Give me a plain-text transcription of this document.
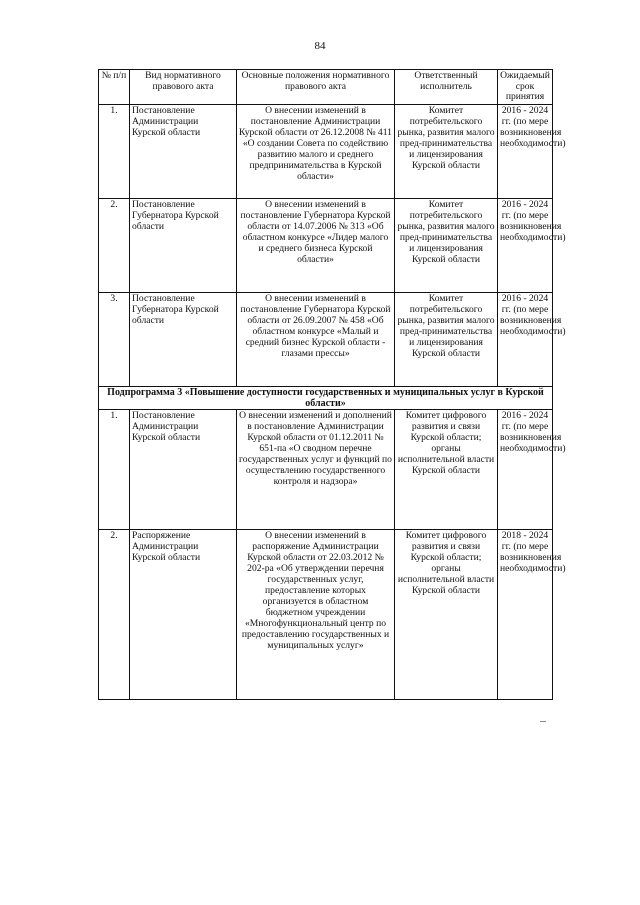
84
№ п/п	Вид нормативного правового акта	Основные положения нормативного правового акта	Ответственный исполнитель	Ожидаемый срок принятия
1.	Постановление Администрации Курской области	О внесении изменений в постановление Администрации Курской области от 26.12.2008 № 411 «О создании Совета по содействию развитию малого и среднего предпринимательства в Курской области»	Комитет потребительского рынка, развития малого пред-принимательства и лицензирования Курской области	2016 - 2024 гг. (по мере возникновения необходимости)
2.	Постановление Губернатора Курской области	О внесении изменений в постановление Губернатора Курской области от 14.07.2006 № 313 «Об областном конкурсе «Лидер малого и среднего бизнеса Курской области»	Комитет потребительского рынка, развития малого пред-принимательства и лицензирования Курской области	2016 - 2024 гг. (по мере возникновения необходимости)
3.	Постановление Губернатора Курской области	О внесении изменений в постановление Губернатора Курской области от 26.09.2007 № 458 «Об областном конкурсе «Малый и средний бизнес Курской области - глазами прессы»	Комитет потребительского рынка, развития малого пред-принимательства и лицензирования Курской области	2016 - 2024 гг. (по мере возникновения необходимости)
Подпрограмма 3 «Повышение доступности государственных и муниципальных услуг в Курской области»				
1.	Постановление Администрации Курской области	О внесении изменений и дополнений в постановление Администрации Курской области от 01.12.2011 № 651-па «О сводном перечне государственных услуг и функций по осуществлению государственного контроля и надзора»	Комитет цифрового развития и связи Курской области; органы исполнительной власти Курской области	2016 - 2024 гг. (по мере возникновения необходимости)
2.	Распоряжение Администрации Курской области	О внесении изменений в распоряжение Администрации Курской области от 22.03.2012 № 202-ра «Об утверждении перечня государственных услуг, предоставление которых организуется в областном бюджетном учреждении «Многофункциональный центр по предоставлению государственных и муниципальных услуг»	Комитет цифрового развития и связи Курской области; органы исполнительной власти Курской области	2018 - 2024 гг. (по мере возникновения необходимости)
